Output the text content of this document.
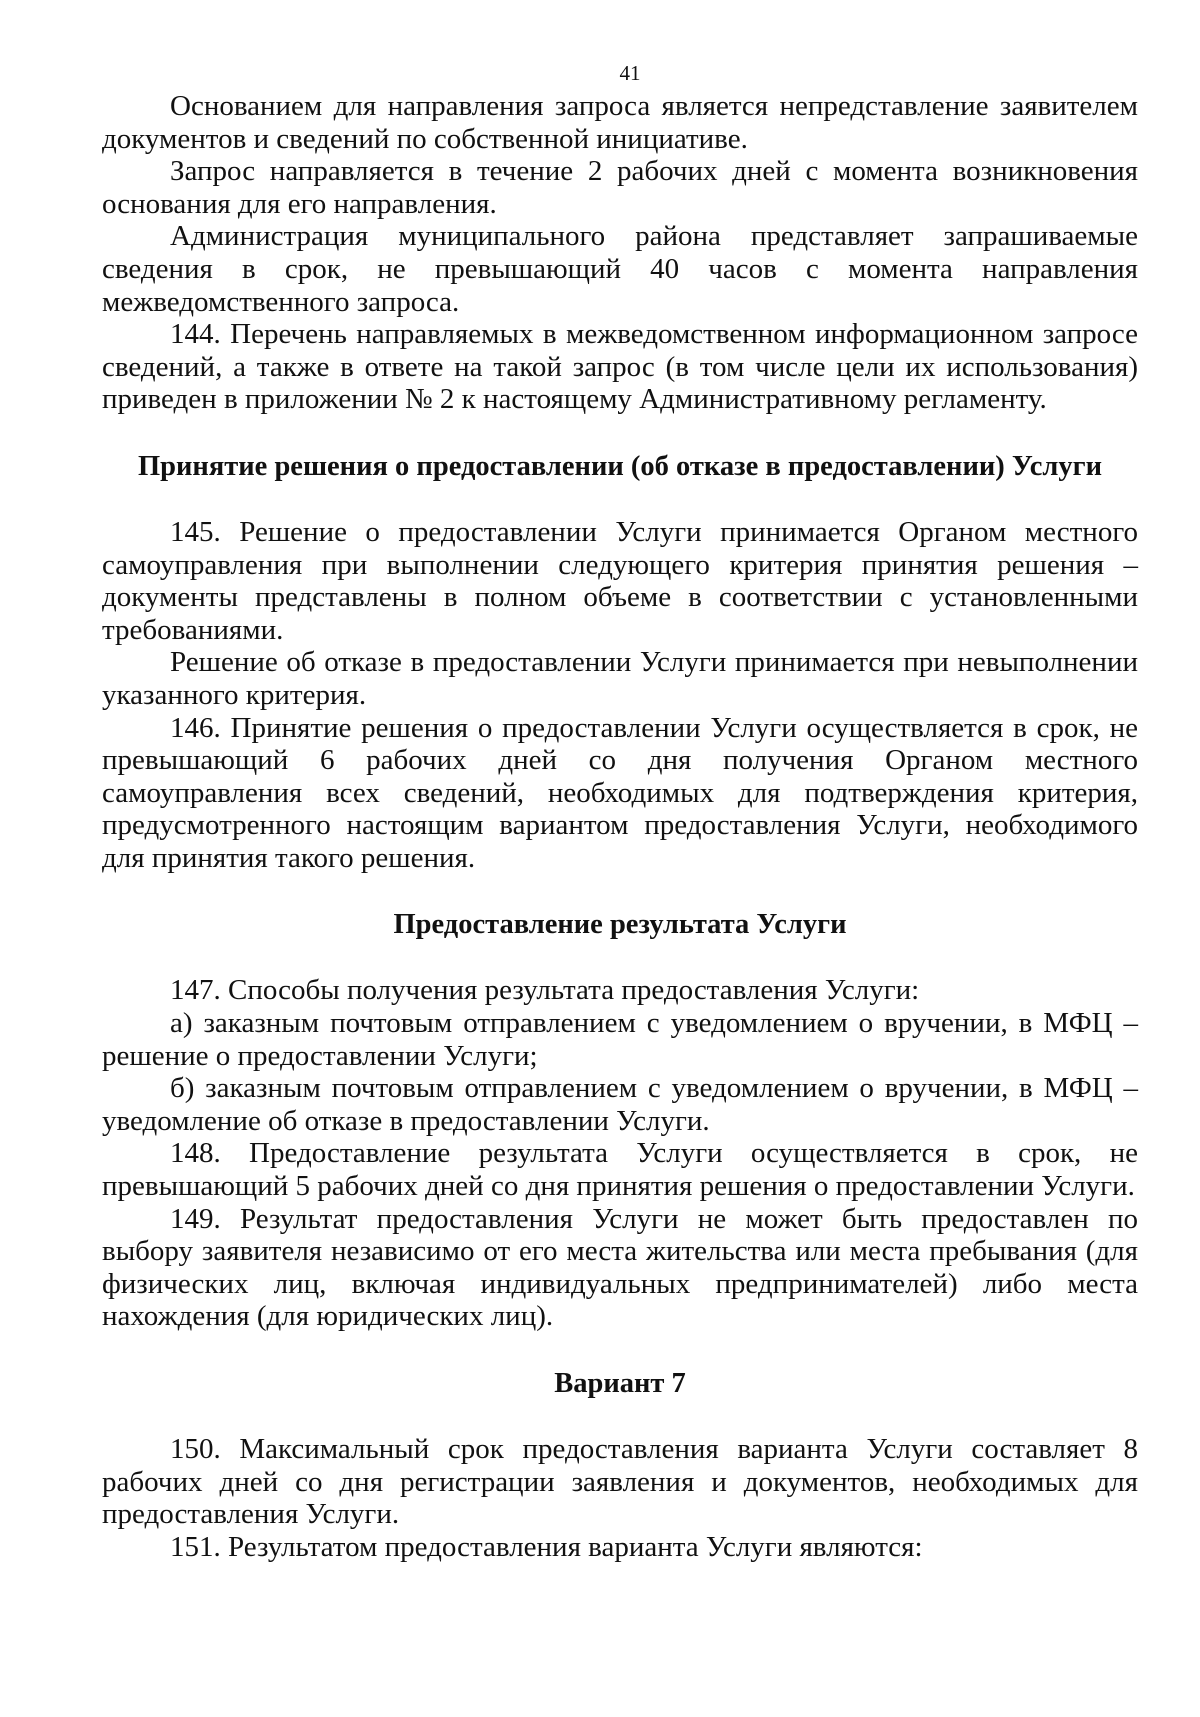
41

Основанием для направления запроса является непредставление заявителем документов и сведений по собственной инициативе.

Запрос направляется в течение 2 рабочих дней с момента возникновения основания для его направления.

Администрация муниципального района представляет запрашиваемые сведения в срок, не превышающий 40 часов с момента направления межведомственного запроса.

144. Перечень направляемых в межведомственном информационном запросе сведений, а также в ответе на такой запрос (в том числе цели их использования) приведен в приложении № 2 к настоящему Административному регламенту.

Принятие решения о предоставлении (об отказе в предоставлении) Услуги

145. Решение о предоставлении Услуги принимается Органом местного самоуправления при выполнении следующего критерия принятия решения – документы представлены в полном объеме в соответствии с установленными требованиями.

Решение об отказе в предоставлении Услуги принимается при невыполнении указанного критерия.

146. Принятие решения о предоставлении Услуги осуществляется в срок, не превышающий 6 рабочих дней со дня получения Органом местного самоуправления всех сведений, необходимых для подтверждения критерия, предусмотренного настоящим вариантом предоставления Услуги, необходимого для принятия такого решения.

Предоставление результата Услуги

147. Способы получения результата предоставления Услуги:

а) заказным почтовым отправлением с уведомлением о вручении, в МФЦ – решение о предоставлении Услуги;

б) заказным почтовым отправлением с уведомлением о вручении, в МФЦ – уведомление об отказе в предоставлении Услуги.

148. Предоставление результата Услуги осуществляется в срок, не превышающий 5 рабочих дней со дня принятия решения о предоставлении Услуги.

149. Результат предоставления Услуги не может быть предоставлен по выбору заявителя независимо от его места жительства или места пребывания (для физических лиц, включая индивидуальных предпринимателей) либо места нахождения (для юридических лиц).

Вариант 7

150. Максимальный срок предоставления варианта Услуги составляет 8 рабочих дней со дня регистрации заявления и документов, необходимых для предоставления Услуги.

151. Результатом предоставления варианта Услуги являются:
